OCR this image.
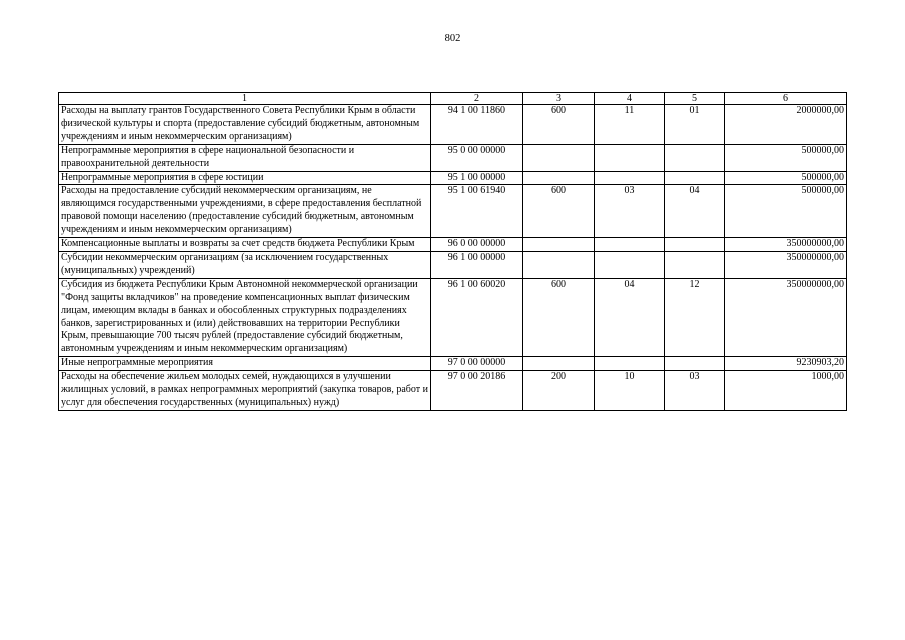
802
1	2	3	4	5	6
Расходы на выплату грантов Государственного Совета Республики Крым в области физической культуры и спорта (предоставление субсидий бюджетным, автономным учреждениям и иным некоммерческим организациям)	94 1 00 11860	600	11	01	2000000,00
Непрограммные мероприятия в сфере национальной безопасности и правоохранительной деятельности	95 0 00 00000				500000,00
Непрограммные мероприятия в сфере юстиции	95 1 00 00000				500000,00
Расходы на предоставление субсидий некоммерческим организациям, не являющимся государственными учреждениями, в сфере предоставления бесплатной правовой помощи населению (предоставление субсидий бюджетным, автономным учреждениям и иным некоммерческим организациям)	95 1 00 61940	600	03	04	500000,00
Компенсационные выплаты и возвраты за счет средств бюджета Республики Крым	96 0 00 00000				350000000,00
Субсидии некоммерческим организациям (за исключением государственных (муниципальных) учреждений)	96 1 00 00000				350000000,00
Субсидия из бюджета Республики Крым Автономной некоммерческой организации "Фонд защиты вкладчиков" на проведение компенсационных выплат физическим лицам, имеющим вклады в банках и обособленных структурных подразделениях банков, зарегистрированных и (или) действовавших на территории Республики Крым, превышающие 700 тысяч рублей (предоставление субсидий бюджетным, автономным учреждениям и иным некоммерческим организациям)	96 1 00 60020	600	04	12	350000000,00
Иные непрограммные мероприятия	97 0 00 00000				9230903,20
Расходы на обеспечение жильем молодых семей, нуждающихся в улучшении жилищных условий, в рамках непрограммных мероприятий (закупка товаров, работ и услуг для обеспечения государственных (муниципальных) нужд)	97 0 00 20186	200	10	03	1000,00
